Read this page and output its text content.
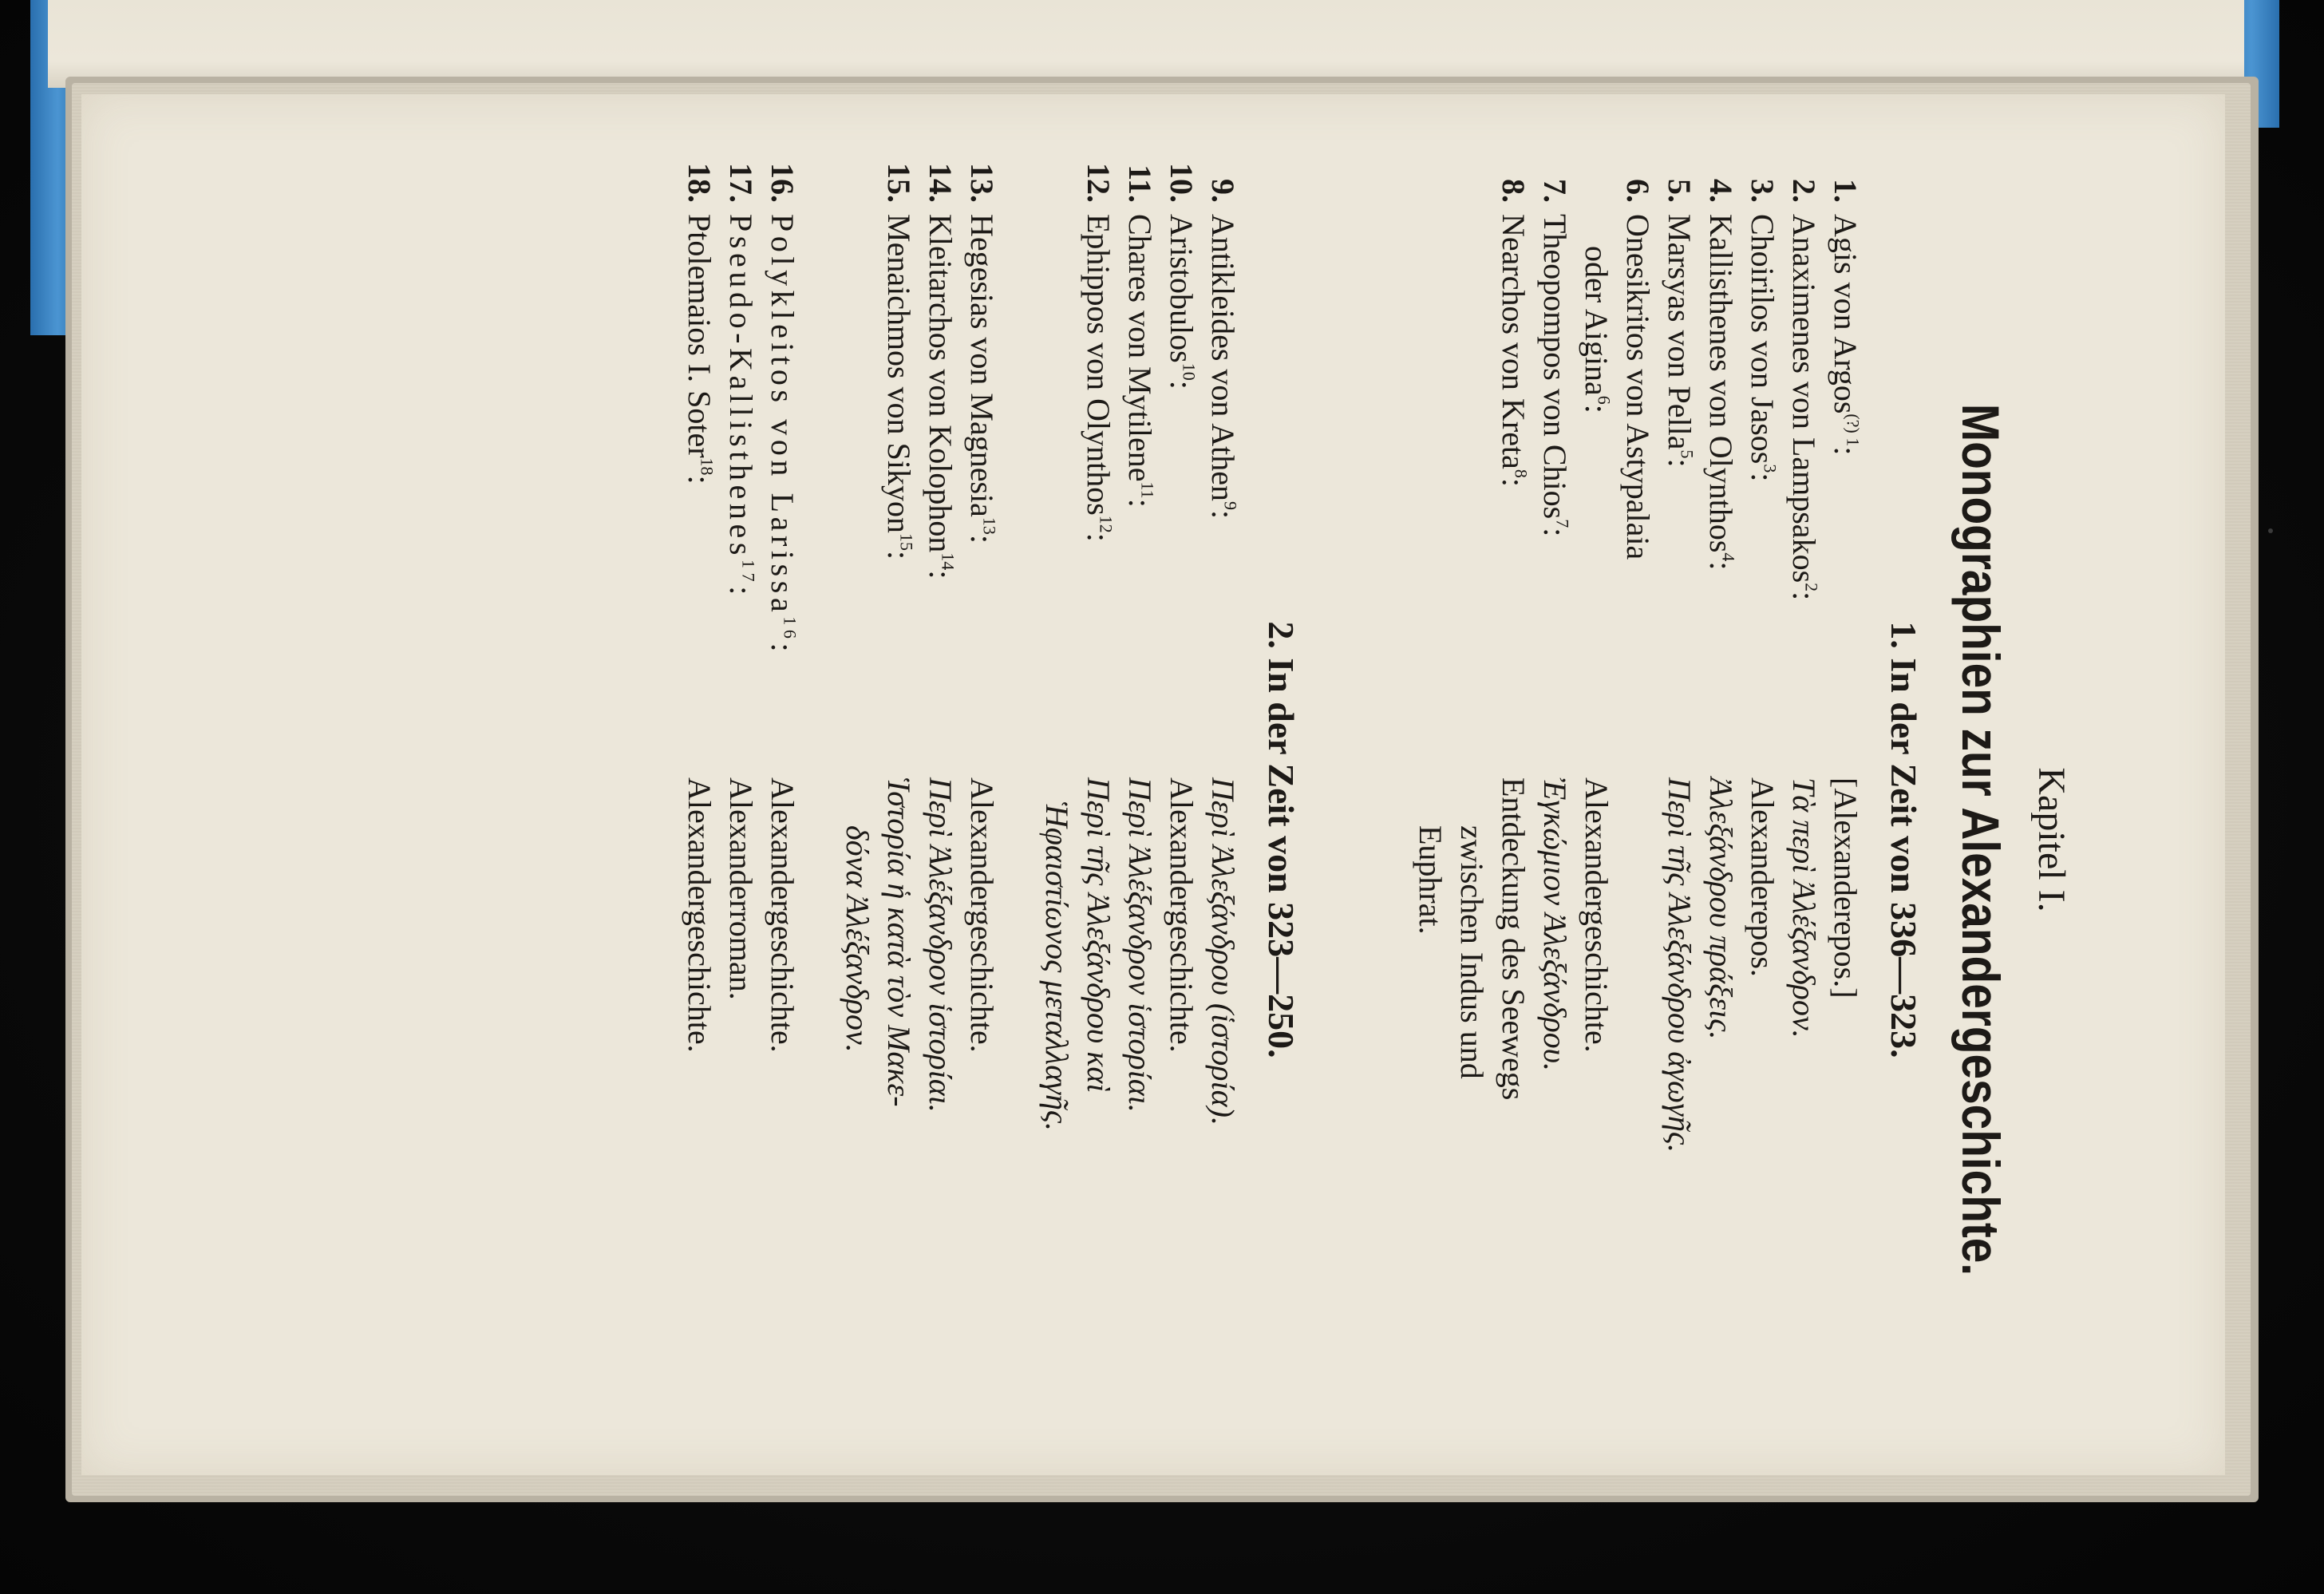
Kapitel I.
Monographien zur Alexandergeschichte.
1. In der Zeit von 336—323.
1.
Agis von Argos$^{(?) 1}$:
[Alexanderepos.]
2.
Anaximenes von Lampsakos$^2$:
Τὰ περὶ Ἀλέξανδρον.
3.
Choirilos von Jasos$^3$:
Alexanderepos.
4.
Kallisthenes von Olynthos$^4$:
Ἀλεξάνδρου πράξεις.
5.
Marsyas von Pella$^5$:
Περὶ τῆς Ἀλεξάνδρου ἀγωγῆς.
6.
Onesikritos von Astypalaia

oder Aigina$^6$:
Alexandergeschichte.
7.
Theopompos von Chios$^7$:
Ἐγκώμιον Ἀλεξάνδρου.
8.
Nearchos von Kreta$^8$:
Entdeckung des Seewegs
zwischen Indus und
Euphrat.
2. In der Zeit von 323—250.
9.
Antikleides von Athen$^9$:
Περὶ Ἀλεξάνδρου (ἱστορία).
10.
Aristobulos$^{10}$:
Alexandergeschichte.
11.
Chares von Mytilene$^{11}$:
Περὶ Ἀλέξανδρον ἱστορίαι.
12.
Ephippos von Olynthos$^{12}$:
Περὶ τῆς Ἀλεξάνδρου καὶ
Ἡφαιστίωνος μεταλλαγῆς.
13.
Hegesias von Magnesia$^{13}$:
Alexandergeschichte.
14.
Kleitarchos von Kolophon$^{14}$:
Περὶ Ἀλέξανδρον ἱστορίαι.
15.
Menaichmos von Sikyon$^{15}$:
Ἱστορία ἡ κατὰ τὸν Μακε-
δόνα Ἀλέξανδρον.
16.
Polykleitos von Larissa$^{16}$:
Alexandergeschichte.
17.
Pseudo-Kallisthenes$^{17}$:
Alexanderroman.
18.
Ptolemaios I. Soter$^{18}$:
Alexandergeschichte.
